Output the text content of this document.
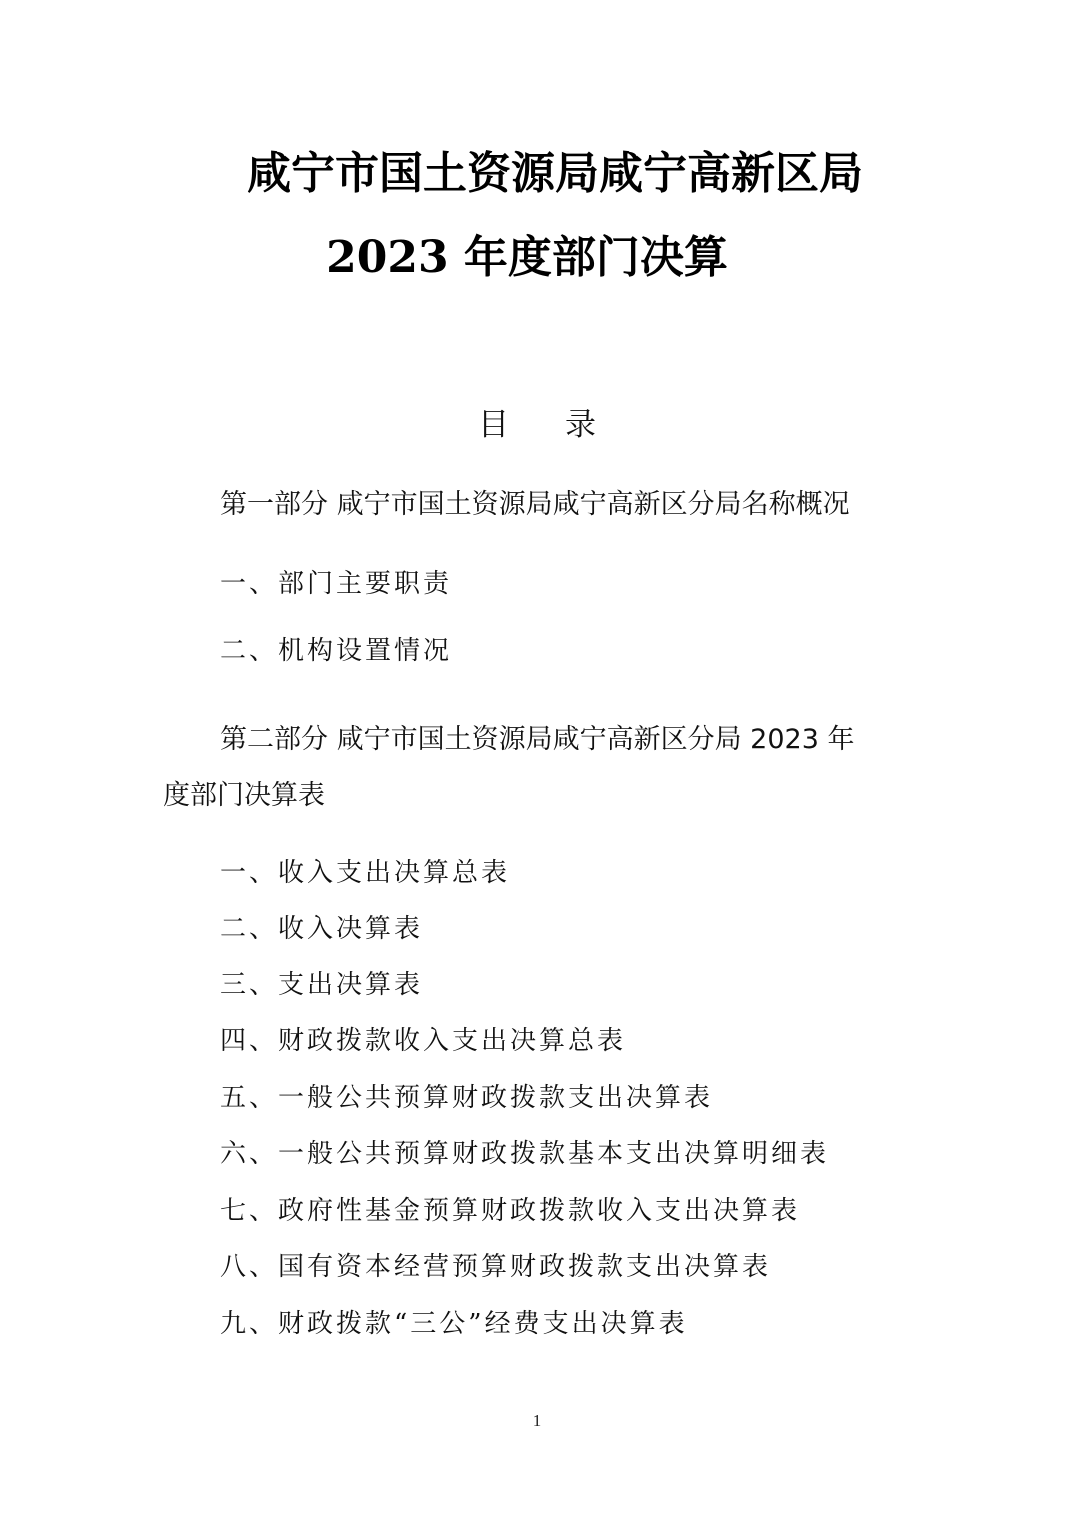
咸宁市国土资源局咸宁高新区局
2023 年度部门决算
目录
第一部分 咸宁市国土资源局咸宁高新区分局名称概况
一、部门主要职责
二、机构设置情况
第二部分 咸宁市国土资源局咸宁高新区分局 2023 年
度部门决算表
一、收入支出决算总表
二、收入决算表
三、支出决算表
四、财政拨款收入支出决算总表
五、一般公共预算财政拨款支出决算表
六、一般公共预算财政拨款基本支出决算明细表
七、政府性基金预算财政拨款收入支出决算表
八、国有资本经营预算财政拨款支出决算表
九、财政拨款“三公”经费支出决算表
1
